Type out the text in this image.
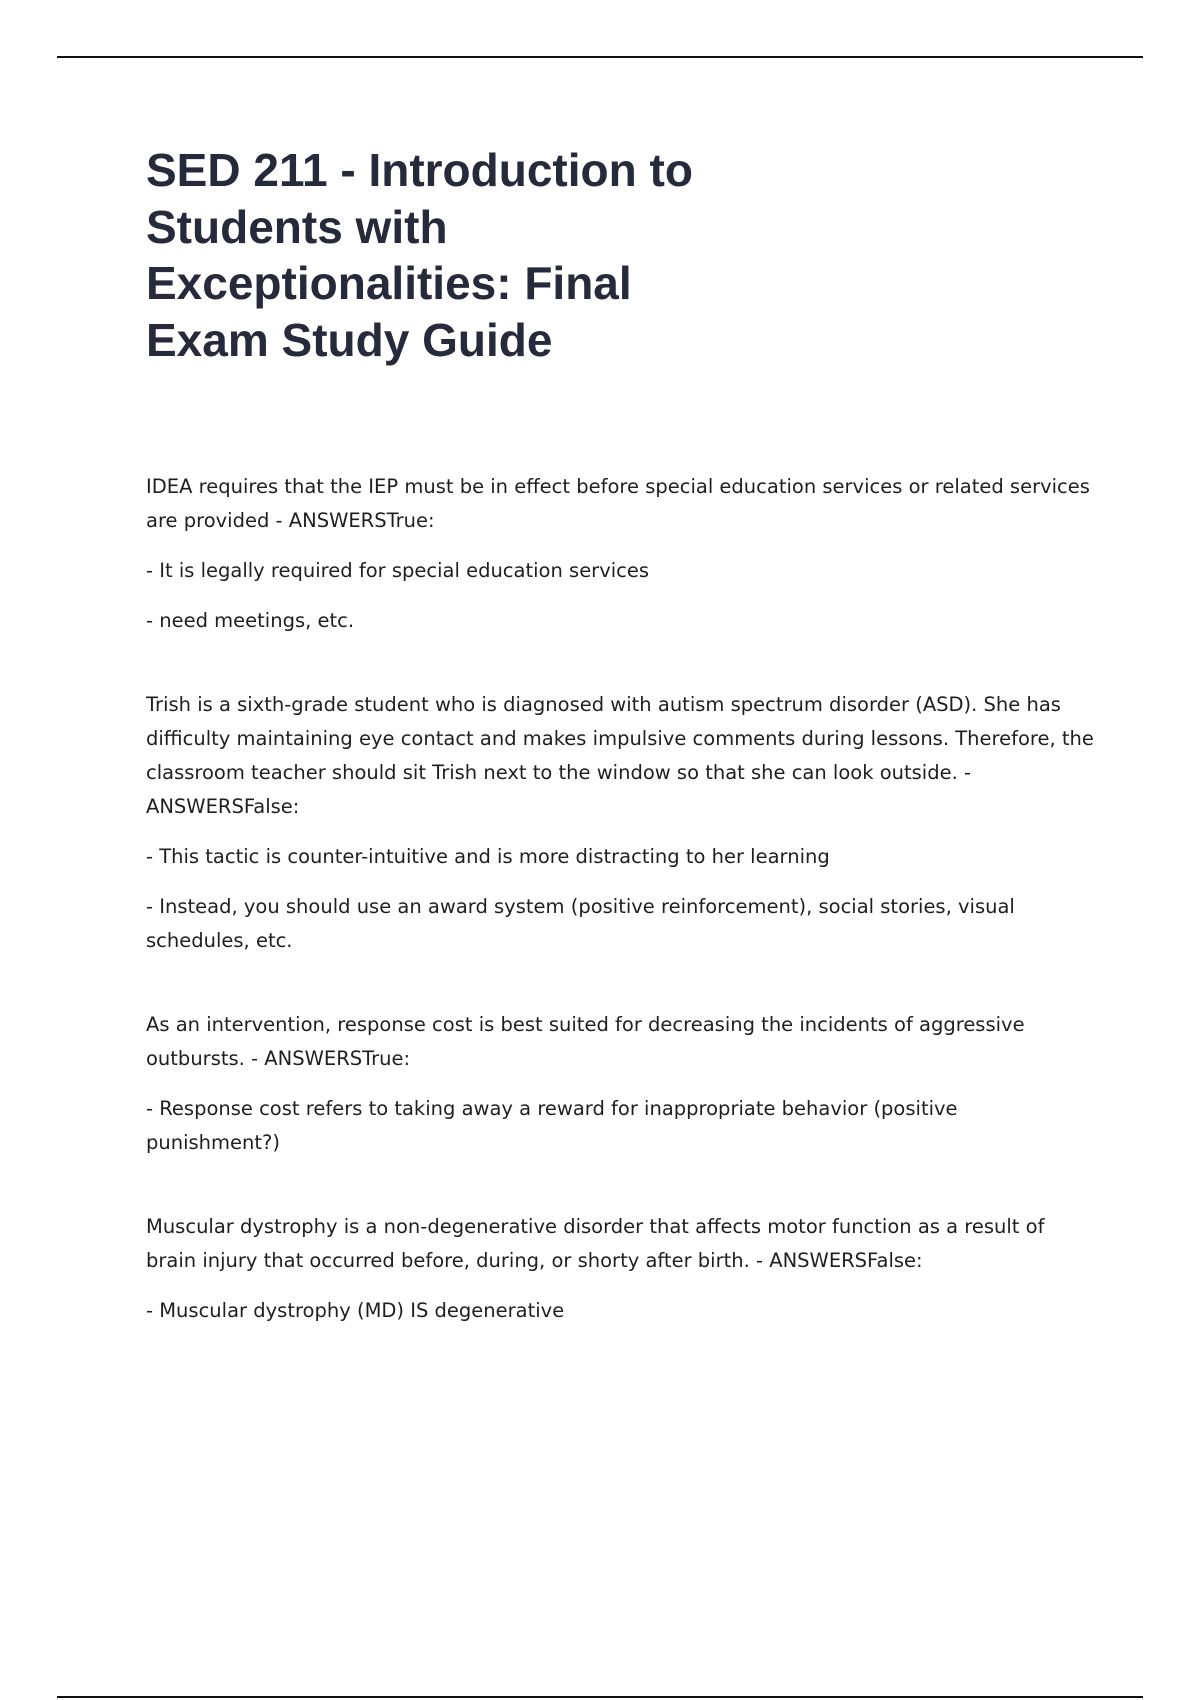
SED 211 - Introduction to Students with Exceptionalities: Final Exam Study Guide

IDEA requires that the IEP must be in effect before special education services or related services are provided - ANSWERSTrue:

- It is legally required for special education services

- need meetings, etc.

Trish is a sixth-grade student who is diagnosed with autism spectrum disorder (ASD). She has difficulty maintaining eye contact and makes impulsive comments during lessons. Therefore, the classroom teacher should sit Trish next to the window so that she can look outside. - ANSWERSFalse:

- This tactic is counter-intuitive and is more distracting to her learning

- Instead, you should use an award system (positive reinforcement), social stories, visual schedules, etc.

As an intervention, response cost is best suited for decreasing the incidents of aggressive outbursts. - ANSWERSTrue:

- Response cost refers to taking away a reward for inappropriate behavior (positive punishment?)

Muscular dystrophy is a non-degenerative disorder that affects motor function as a result of brain injury that occurred before, during, or shorty after birth. - ANSWERSFalse:

- Muscular dystrophy (MD) IS degenerative
